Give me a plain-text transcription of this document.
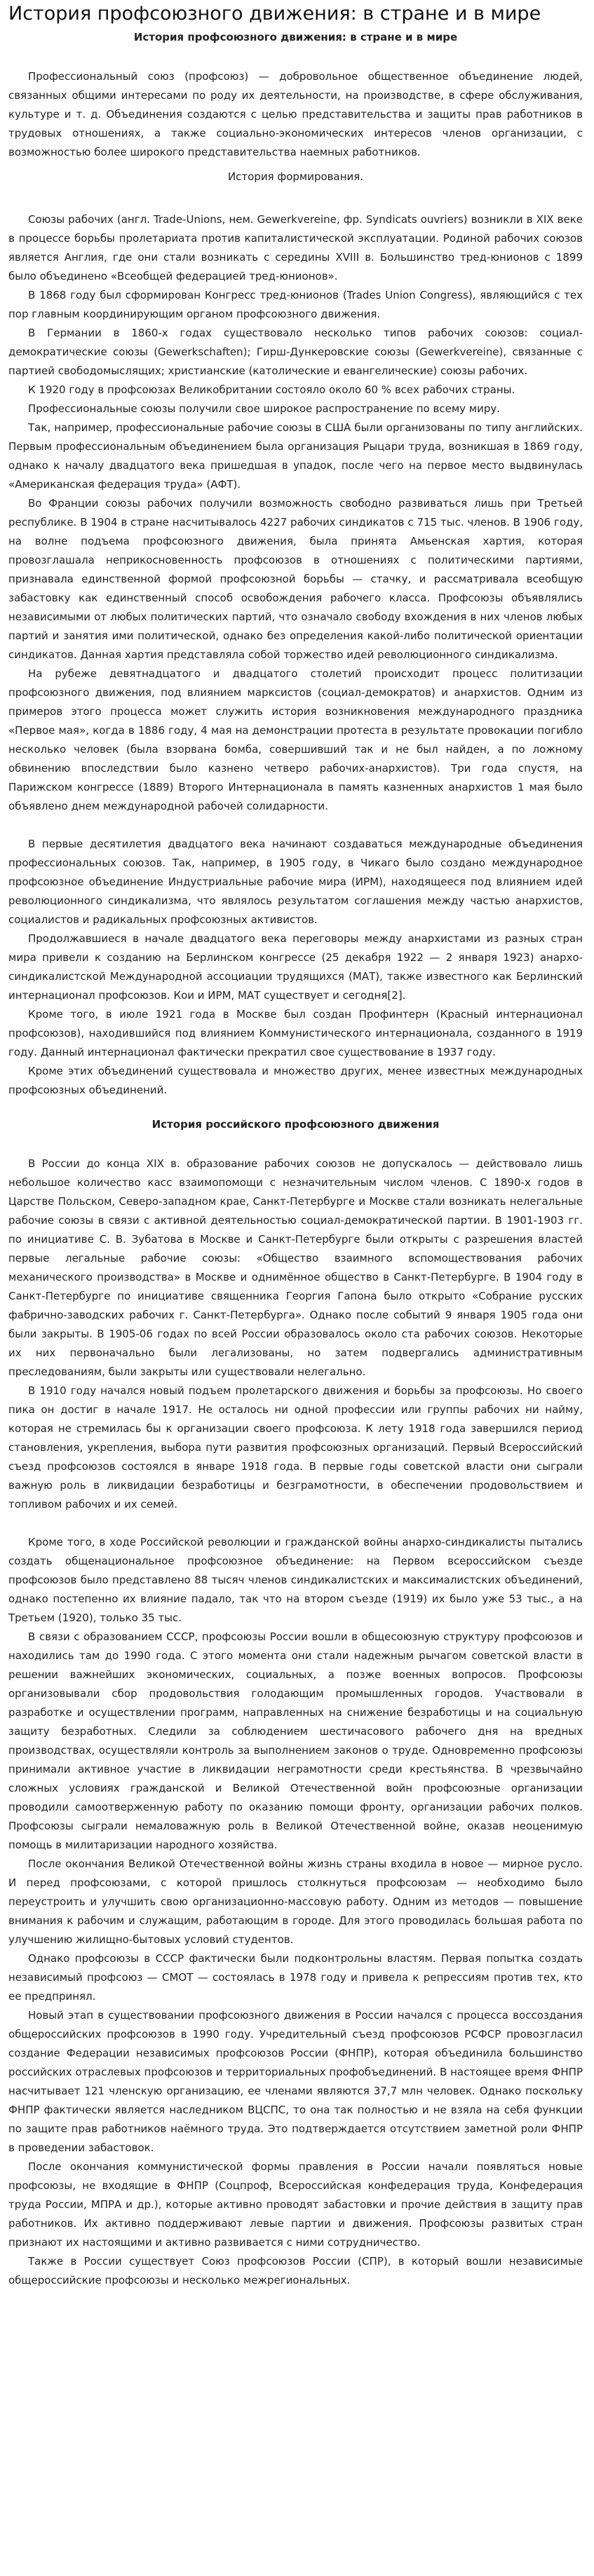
История профсоюзного движения: в стране и в мире
История профсоюзного движения: в стране и в мире

Профессиональный союз (профсоюз) — добровольное общественное объединение людей, связанных общими интересами по роду их деятельности, на производстве, в сфере обслуживания, культуре и т. д. Объединения создаются с целью представительства и защиты прав работников в трудовых отношениях, а также социально-экономических интересов членов организации, с возможностью более широкого представительства наемных работников.

История формирования.

Союзы рабочих (англ. Trade-Unions, нем. Gewerkvereine, фр. Syndicats ouvriers) возникли в XIX веке в процессе борьбы пролетариата против капиталистической эксплуатации. Родиной рабочих союзов является Англия, где они стали возникать с середины XVIII в. Большинство тред-юнионов с 1899 было объединено «Всеобщей федерацией тред-юнионов».

В 1868 году был сформирован Конгресс тред-юнионов (Trades Union Congress), являющийся с тех пор главным координирующим органом профсоюзного движения.

В Германии в 1860-х годах существовало несколько типов рабочих союзов: социал-демократические союзы (Gewerkschaften); Гирш-Дункеровские союзы (Gewerkvereine), связанные с партией свободомыслящих; христианские (католические и евангелические) союзы рабочих.

К 1920 году в профсоюзах Великобритании состояло около 60 % всех рабочих страны.

Профессиональные союзы получили свое широкое распространение по всему миру.

Так, например, профессиональные рабочие союзы в США были организованы по типу английских. Первым профессиональным объединением была организация Рыцари труда, возникшая в 1869 году, однако к началу двадцатого века пришедшая в упадок, после чего на первое место выдвинулась «Американская федерация труда» (АФТ).

Во Франции союзы рабочих получили возможность свободно развиваться лишь при Третьей республике. В 1904 в стране насчитывалось 4227 рабочих синдикатов с 715 тыс. членов. В 1906 году, на волне подъема профсоюзного движения, была принята Амьенская хартия, которая провозглашала неприкосновенность профсоюзов в отношениях с политическими партиями, признавала единственной формой профсоюзной борьбы — стачку, и рассматривала всеобщую забастовку как единственный способ освобождения рабочего класса. Профсоюзы объявлялись независимыми от любых политических партий, что означало свободу вхождения в них членов любых партий и занятия ими политической, однако без определения какой-либо политической ориентации синдикатов. Данная хартия представляла собой торжество идей революционного синдикализма.

На рубеже девятнадцатого и двадцатого столетий происходит процесс политизации профсоюзного движения, под влиянием марксистов (социал-демократов) и анархистов. Одним из примеров этого процесса может служить история возникновения международного праздника «Первое мая», когда в 1886 году, 4 мая на демонстрации протеста в результате провокации погибло несколько человек (была взорвана бомба, совершивший так и не был найден, а по ложному обвинению впоследствии было казнено четверо рабочих-анархистов). Три года спустя, на Парижском конгрессе (1889) Второго Интернационала в память казненных анархистов 1 мая было объявлено днем международной рабочей солидарности.

В первые десятилетия двадцатого века начинают создаваться международные объединения профессиональных союзов. Так, например, в 1905 году, в Чикаго было создано международное профсоюзное объединение Индустриальные рабочие мира (ИРМ), находящееся под влиянием идей революционного синдикализма, что являлось результатом соглашения между частью анархистов, социалистов и радикальных профсоюзных активистов.

Продолжавшиеся в начале двадцатого века переговоры между анархистами из разных стран мира привели к созданию на Берлинском конгрессе (25 декабря 1922 — 2 января 1923) анархо-синдикалистской Международной ассоциации трудящихся (МАТ), также известного как Берлинский интернационал профсоюзов. Кои и ИРМ, МАТ существует и сегодня[2].

Кроме того, в июле 1921 года в Москве был создан Профинтерн (Красный интернационал профсоюзов), находившийся под влиянием Коммунистического интернационала, созданного в 1919 году. Данный интернационал фактически прекратил свое существование в 1937 году.

Кроме этих объединений существовала и множество других, менее известных международных профсоюзных объединений.

История российского профсоюзного движения

В России до конца XIX в. образование рабочих союзов не допускалось — действовало лишь небольшое количество касс взаимопомощи с незначительным числом членов. С 1890-х годов в Царстве Польском, Северо-западном крае, Санкт-Петербурге и Москве стали возникать нелегальные рабочие союзы в связи с активной деятельностью социал-демократической партии. В 1901-1903 гг. по инициативе С. В. Зубатова в Москве и Санкт-Петербурге были открыты с разрешения властей первые легальные рабочие союзы: «Общество взаимного вспомоществования рабочих механического производства» в Москве и однимённое общество в Санкт-Петербурге. В 1904 году в Санкт-Петербурге по инициативе священника Георгия Гапона было открыто «Собрание русских фабрично-заводских рабочих г. Санкт-Петербурга». Однако после событий 9 января 1905 года они были закрыты. В 1905-06 годах по всей России образовалось около ста рабочих союзов. Некоторые их них первоначально были легализованы, но затем подвергались административным преследованиям, были закрыты или существовали нелегально.

В 1910 году начался новый подъем пролетарского движения и борьбы за профсоюзы. Но своего пика он достиг в начале 1917. Не осталось ни одной профессии или группы рабочих ни найму, которая не стремилась бы к организации своего профсоюза. К лету 1918 года завершился период становления, укрепления, выбора пути развития профсоюзных организаций. Первый Всероссийский съезд профсоюзов состоялся в январе 1918 года. В первые годы советской власти они сыграли важную роль в ликвидации безработицы и безграмотности, в обеспечении продовольствием и топливом рабочих и их семей.

Кроме того, в ходе Российской революции и гражданской войны анархо-синдикалисты пытались создать общенациональное профсоюзное объединение: на Первом всероссийском съезде профсоюзов было представлено 88 тысяч членов синдикалистских и максималистских объединений, однако постепенно их влияние падало, так что на втором съезде (1919) их было уже 53 тыс., а на Третьем (1920), только 35 тыс.

В связи с образованием СССР, профсоюзы России вошли в общесоюзную структуру профсоюзов и находились там до 1990 года. С этого момента они стали надежным рычагом советской власти в решении важнейших экономических, социальных, а позже военных вопросов. Профсоюзы организовывали сбор продовольствия голодающим промышленных городов. Участвовали в разработке и осуществлении программ, направленных на снижение безработицы и на социальную защиту безработных. Следили за соблюдением шестичасового рабочего дня на вредных производствах, осуществляли контроль за выполнением законов о труде. Одновременно профсоюзы принимали активное участие в ликвидации неграмотности среди крестьянства. В чрезвычайно сложных условиях гражданской и Великой Отечественной войн профсоюзные организации проводили самоотверженную работу по оказанию помощи фронту, организации рабочих полков. Профсоюзы сыграли немаловажную роль в Великой Отечественной войне, оказав неоценимую помощь в милитаризации народного хозяйства.

После окончания Великой Отечественной войны жизнь страны входила в новое — мирное русло. И перед профсоюзами, с которой пришлось столкнуться профсоюзам — необходимо было переустроить и улучшить свою организационно-массовую работу. Одним из методов — повышение внимания к рабочим и служащим, работающим в городе. Для этого проводилась большая работа по улучшению жилищно-бытовых условий студентов.

Однако профсоюзы в СССР фактически были подконтрольны властям. Первая попытка создать независимый профсоюз — СМОТ — состоялась в 1978 году и привела к репрессиям против тех, кто ее предпринял.

Новый этап в существовании профсоюзного движения в России начался с процесса воссоздания общероссийских профсоюзов в 1990 году. Учредительный съезд профсоюзов РСФСР провозгласил создание Федерации независимых профсоюзов России (ФНПР), которая объединила большинство российских отраслевых профсоюзов и территориальных профобъединений. В настоящее время ФНПР насчитывает 121 членскую организацию, ее членами являются 37,7 млн человек. Однако поскольку ФНПР фактически является наследником ВЦСПС, то она так полностью и не взяла на себя функции по защите прав работников наёмного труда. Это подтверждается отсутствием заметной роли ФНПР в проведении забастовок.

После окончания коммунистической формы правления в России начали появляться новые профсоюзы, не входящие в ФНПР (Соцпроф, Всероссийская конфедерация труда, Конфедерация труда России, МПРА и др.), которые активно проводят забастовки и прочие действия в защиту прав работников. Их активно поддерживают левые партии и движения. Профсоюзы развитых стран признают их настоящими и активно развивается с ними сотрудничество.

Также в России существует Союз профсоюзов России (СПР), в который вошли независимые общероссийские профсоюзы и несколько межрегиональных.
